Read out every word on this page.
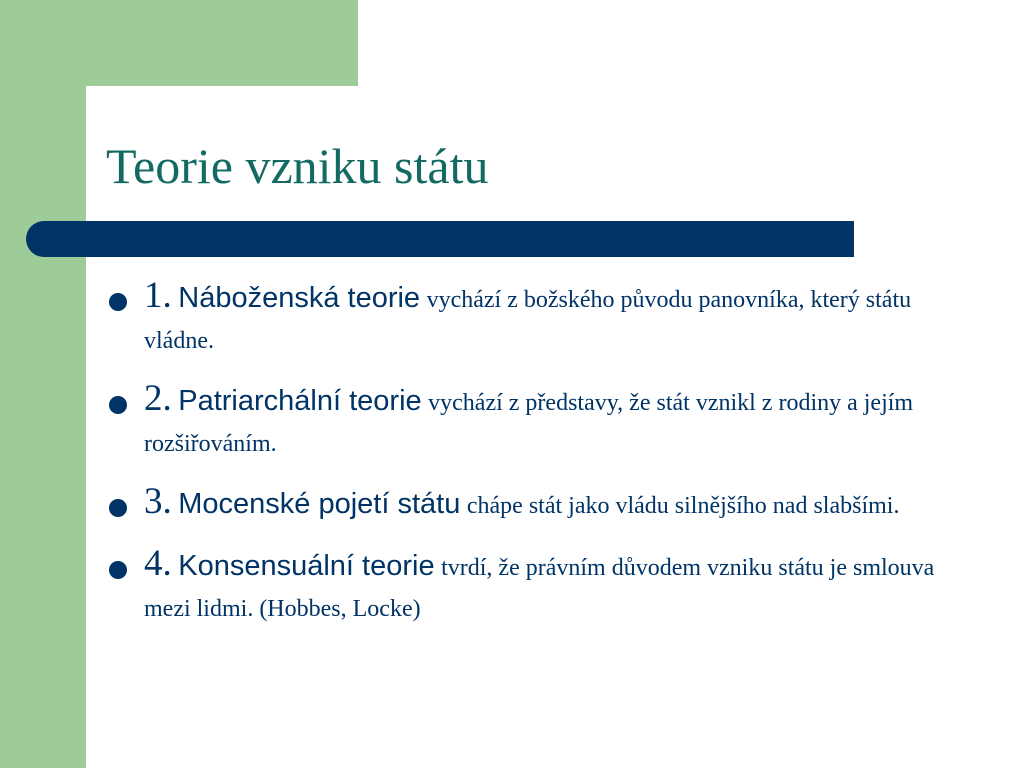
Teorie vzniku státu
1. Náboženská teorie vychází z božského původu panovníka, který státu vládne.
2. Patriarchální teorie vychází z představy, že stát vznikl z rodiny a jejím rozšiřováním.
3. Mocenské pojetí státu chápe stát jako vládu silnějšího nad slabšími.
4. Konsensuální teorie tvrdí, že právním důvodem vzniku státu je smlouva mezi lidmi. (Hobbes, Locke)
